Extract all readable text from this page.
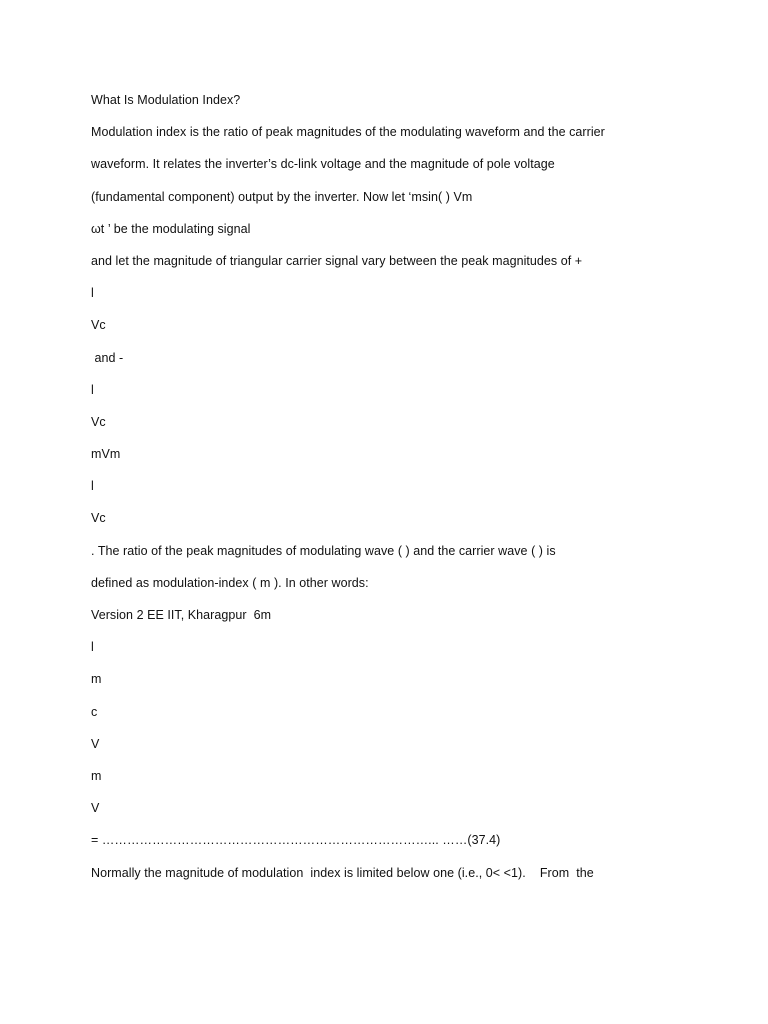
What Is Modulation Index?
Modulation index is the ratio of peak magnitudes of the modulating waveform and the carrier
waveform. It relates the inverter’s dc-link voltage and the magnitude of pole voltage
(fundamental component) output by the inverter. Now let ‘msin( ) Vm
ωt ’ be the modulating signal
and let the magnitude of triangular carrier signal vary between the peak magnitudes of +
l
Vc
and -
l
Vc
mVm
l
Vc
. The ratio of the peak magnitudes of modulating wave ( ) and the carrier wave ( ) is
defined as modulation-index ( m ). In other words:
Version 2 EE IIT, Kharagpur  6m
l
m
c
V
m
V
= ……………………………………………………………………... ……(37.4)
Normally the magnitude of modulation  index is limited below one (i.e., 0< <1).    From  the
